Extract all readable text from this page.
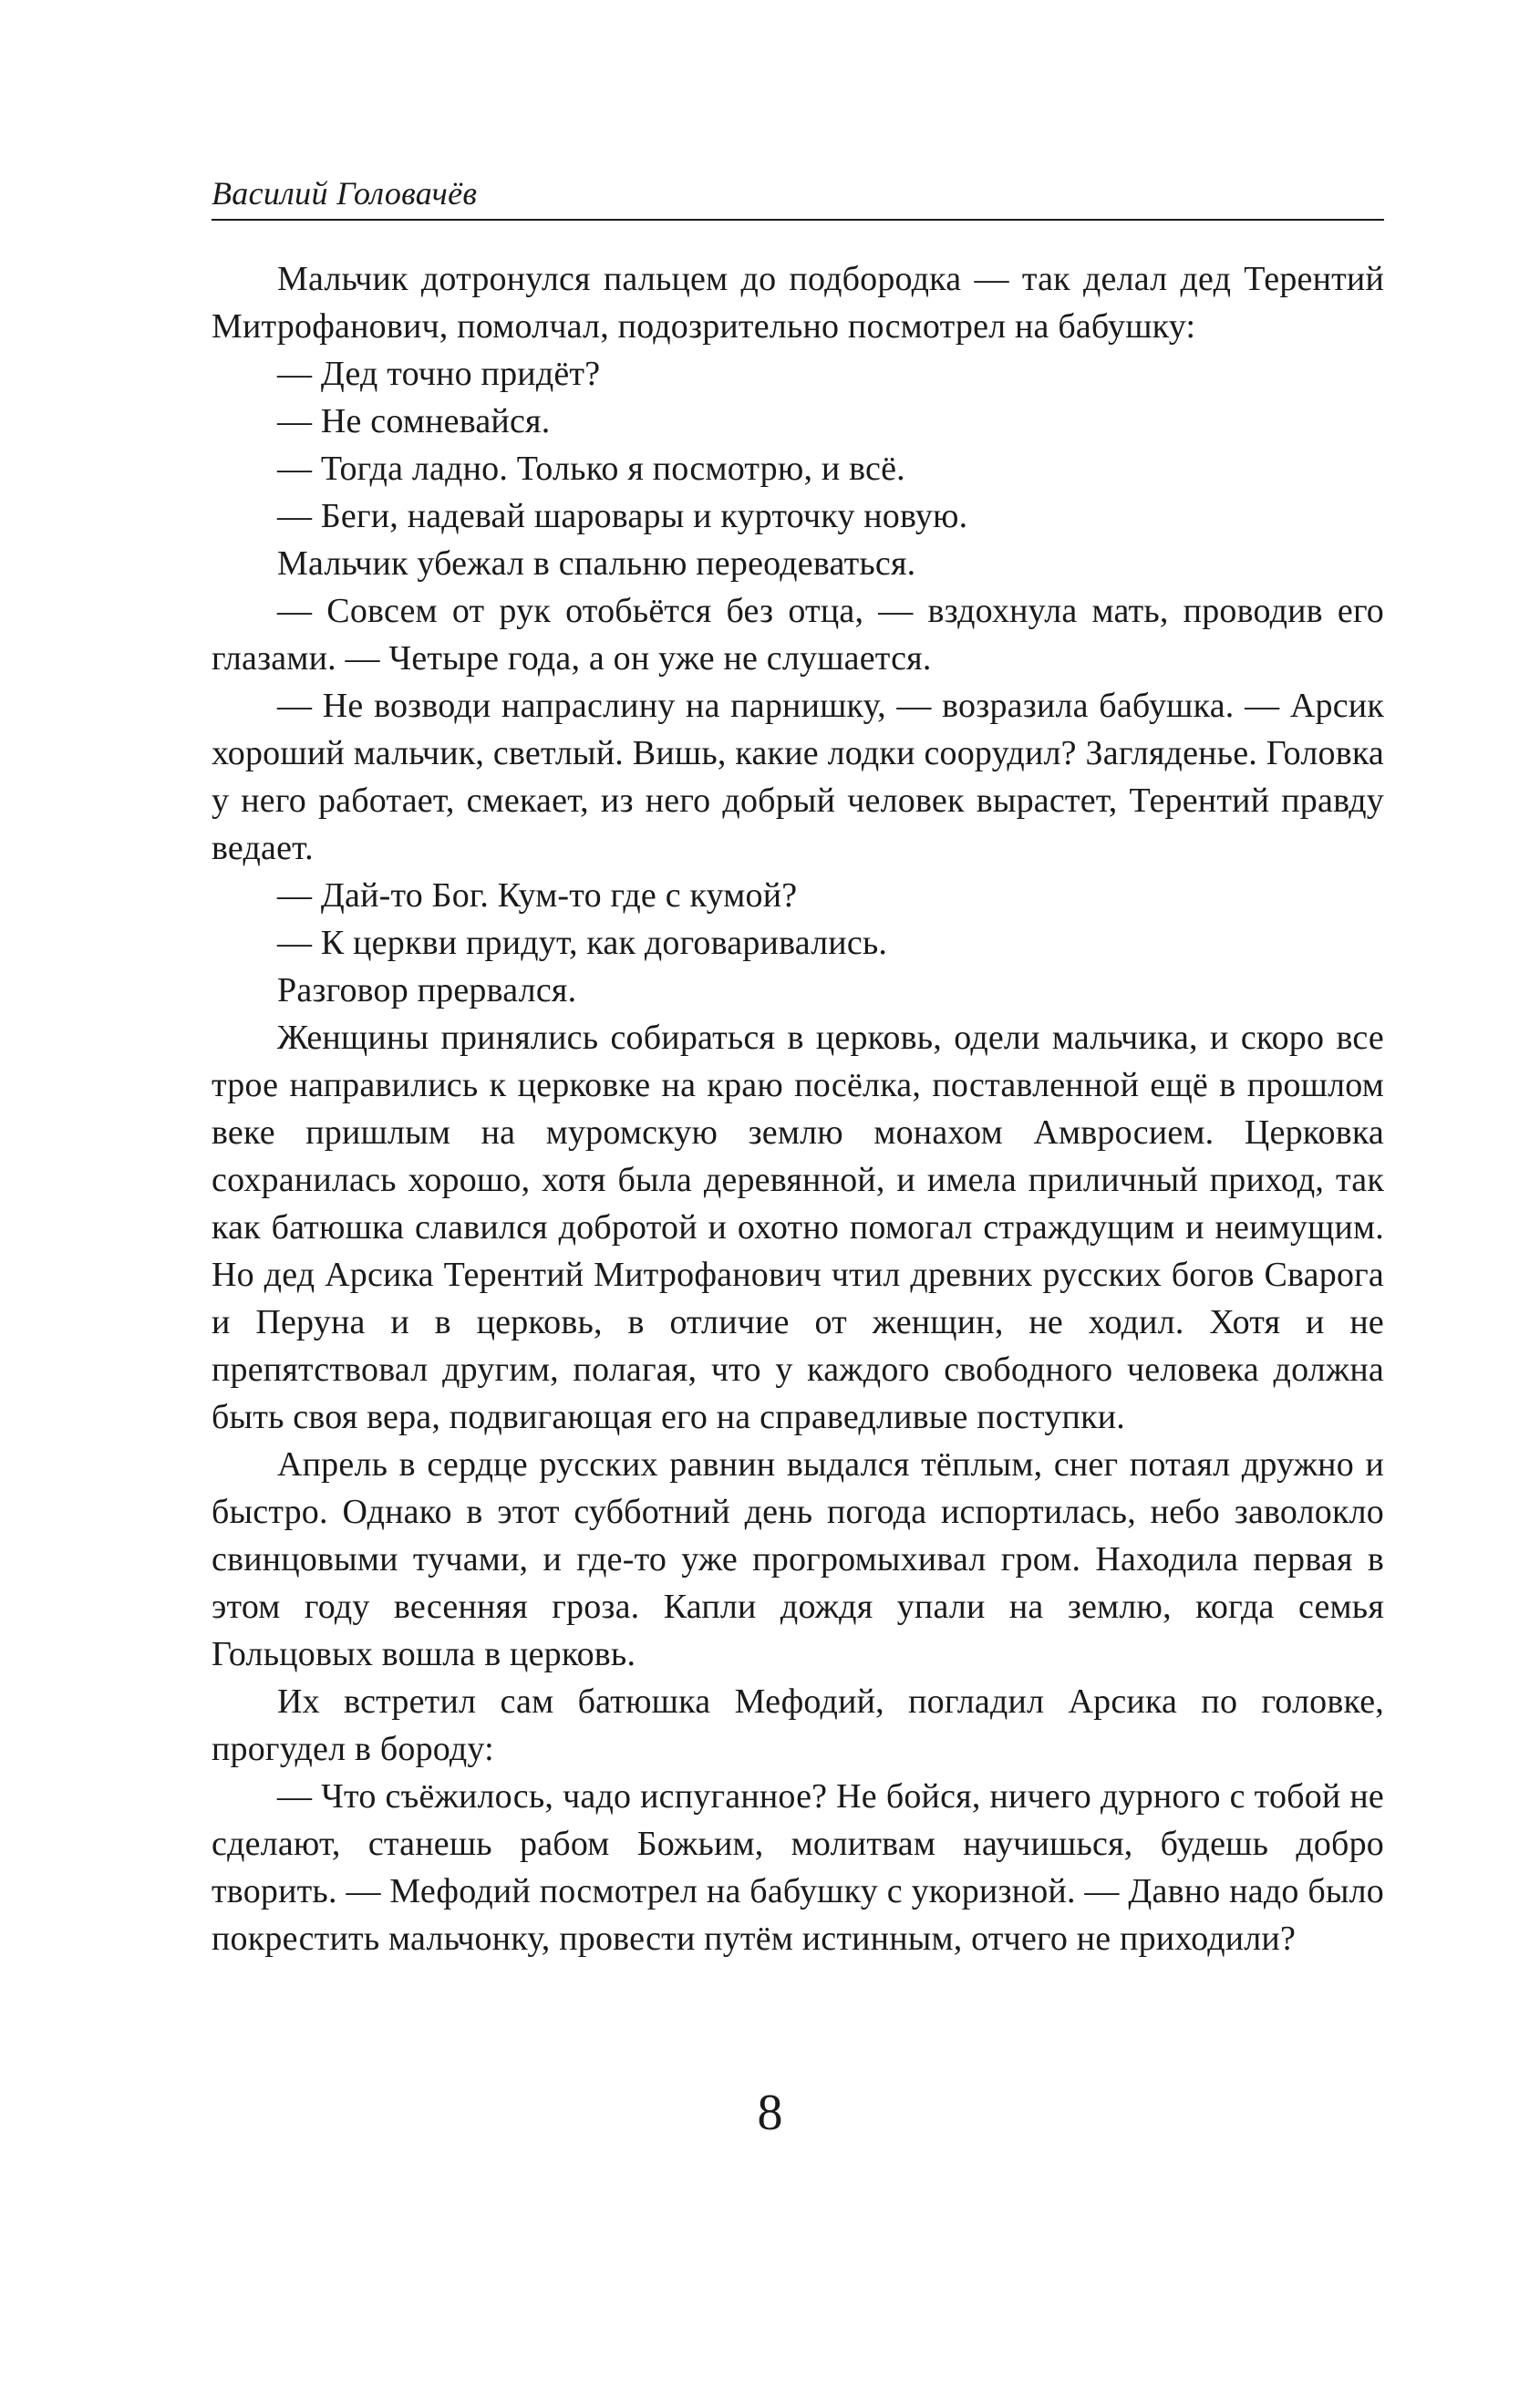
Василий Головачёв

Мальчик дотронулся пальцем до подбородка — так делал дед Терентий Митрофанович, помолчал, подозрительно посмотрел на бабушку:

— Дед точно придёт?

— Не сомневайся.

— Тогда ладно. Только я посмотрю, и всё.

— Беги, надевай шаровары и курточку новую.

Мальчик убежал в спальню переодеваться.

— Совсем от рук отобьётся без отца, — вздохнула мать, проводив его глазами. — Четыре года, а он уже не слушается.

— Не возводи напраслину на парнишку, — возразила бабушка. — Арсик хороший мальчик, светлый. Вишь, какие лодки соорудил? Загляденье. Головка у него работает, смекает, из него добрый человек вырастет, Терентий правду ведает.

— Дай-то Бог. Кум-то где с кумой?

— К церкви придут, как договаривались.

Разговор прервался.

Женщины принялись собираться в церковь, одели мальчика, и скоро все трое направились к церковке на краю посёлка, поставленной ещё в прошлом веке пришлым на муромскую землю монахом Амвросием. Церковка сохранилась хорошо, хотя была деревянной, и имела приличный приход, так как батюшка славился добротой и охотно помогал страждущим и неимущим. Но дед Арсика Терентий Митрофанович чтил древних русских богов Сварога и Перуна и в церковь, в отличие от женщин, не ходил. Хотя и не препятствовал другим, полагая, что у каждого свободного человека должна быть своя вера, подвигающая его на справедливые поступки.

Апрель в сердце русских равнин выдался тёплым, снег потаял дружно и быстро. Однако в этот субботний день погода испортилась, небо заволокло свинцовыми тучами, и где-то уже прогромыхивал гром. Находила первая в этом году весенняя гроза. Капли дождя упали на землю, когда семья Гольцовых вошла в церковь.

Их встретил сам батюшка Мефодий, погладил Арсика по головке, прогудел в бороду:

— Что съёжилось, чадо испуганное? Не бойся, ничего дурного с тобой не сделают, станешь рабом Божьим, молитвам научишься, будешь добро творить. — Мефодий посмотрел на бабушку с укоризной. — Давно надо было покрестить мальчонку, провести путём истинным, отчего не приходили?

8
